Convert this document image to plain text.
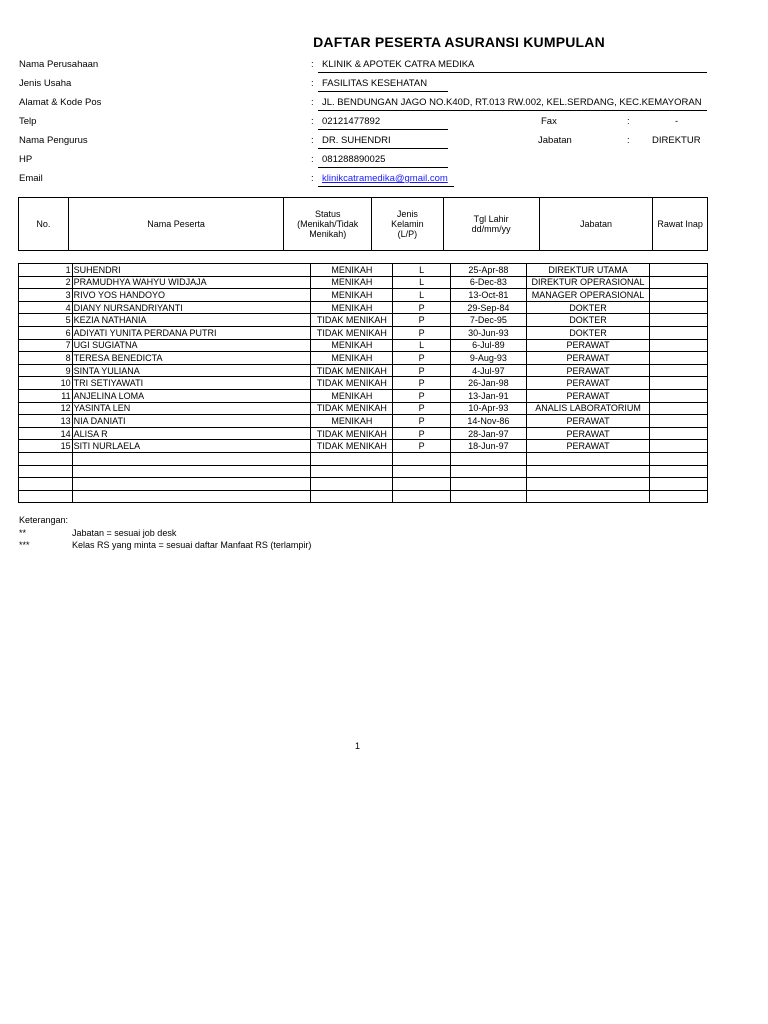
DAFTAR PESERTA ASURANSI KUMPULAN
Nama Perusahaan	: KLINIK & APOTEK CATRA MEDIKA
Jenis Usaha	: FASILITAS KESEHATAN
Alamat & Kode Pos	: JL. BENDUNGAN JAGO NO.K40D, RT.013 RW.002, KEL.SERDANG, KEC.KEMAYORAN
Telp	: 02121477892	Fax	:	-
Nama Pengurus	: DR. SUHENDRI	Jabatan	: DIREKTUR
HP	: 081288890025
Email	: klinikcatramedika@gmail.com
No.	Nama Peserta	Status (Menikah/Tidak Menikah)	Jenis Kelamin (L/P)	Tgl Lahir dd/mm/yy	Jabatan	Rawat Inap
1	SUHENDRI	MENIKAH	L	25-Apr-88	DIREKTUR UTAMA	
2	PRAMUDHYA WAHYU WIDJAJA	MENIKAH	L	6-Dec-83	DIREKTUR OPERASIONAL	
3	RIVO YOS HANDOYO	MENIKAH	L	13-Oct-81	MANAGER OPERASIONAL	
4	DIANY NURSANDRIYANTI	MENIKAH	P	29-Sep-84	DOKTER	
5	KEZIA NATHANIA	TIDAK MENIKAH	P	7-Dec-95	DOKTER	
6	ADIYATI YUNITA PERDANA PUTRI	TIDAK MENIKAH	P	30-Jun-93	DOKTER	
7	UGI SUGIATNA	MENIKAH	L	6-Jul-89	PERAWAT	
8	TERESA BENEDICTA	MENIKAH	P	9-Aug-93	PERAWAT	
9	SINTA YULIANA	TIDAK MENIKAH	P	4-Jul-97	PERAWAT	
10	TRI SETIYAWATI	TIDAK MENIKAH	P	26-Jan-98	PERAWAT	
11	ANJELINA LOMA	MENIKAH	P	13-Jan-91	PERAWAT	
12	YASINTA LEN	TIDAK MENIKAH	P	10-Apr-93	ANALIS LABORATORIUM	
13	NIA DANIATI	MENIKAH	P	14-Nov-86	PERAWAT	
14	ALISA R	TIDAK MENIKAH	P	28-Jan-97	PERAWAT	
15	SITI NURLAELA	TIDAK MENIKAH	P	18-Jun-97	PERAWAT	

Keterangan:
**	Jabatan = sesuai job desk
***	Kelas RS yang minta = sesuai daftar Manfaat RS (terlampir)
1
